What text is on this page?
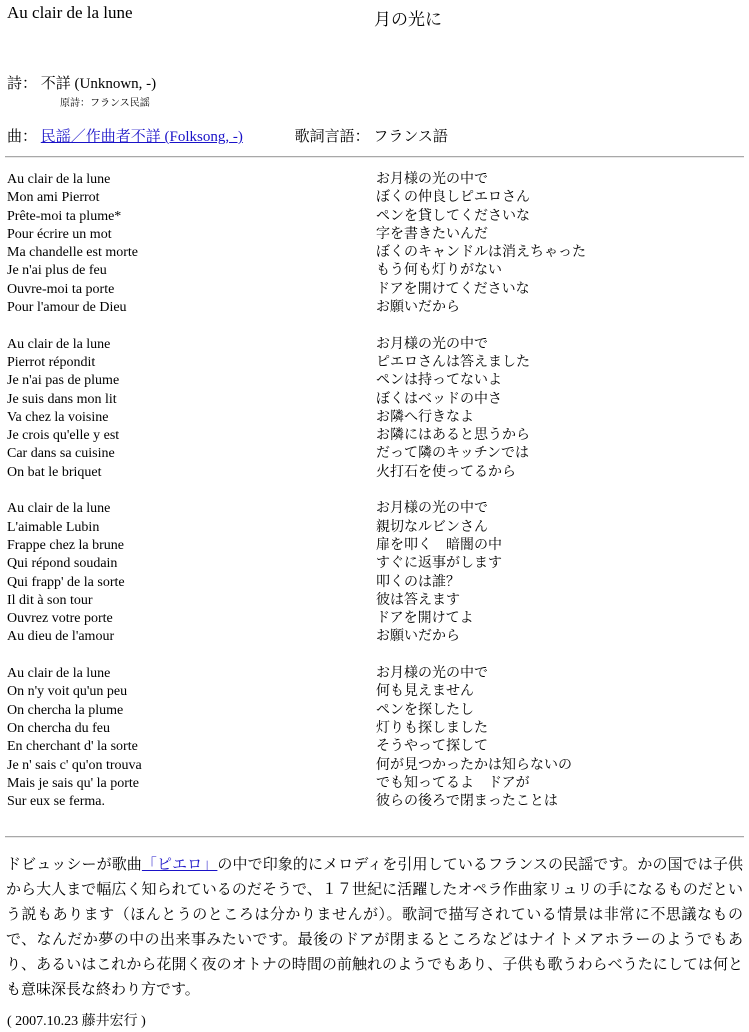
Au clair de la lune	月の光に
詩： 不詳 (Unknown, -)
原詩：フランス民謡
曲： 民謡／作曲者不詳 (Folksong, -)	歌詞言語： フランス語
Au clair de la lune
Mon ami Pierrot
Prête-moi ta plume*
Pour écrire un mot
Ma chandelle est morte
Je n'ai plus de feu
Ouvre-moi ta porte
Pour l'amour de Dieu
Au clair de la lune
Pierrot répondit
Je n'ai pas de plume
Je suis dans mon lit
Va chez la voisine
Je crois qu'elle y est
Car dans sa cuisine
On bat le briquet
Au clair de la lune
L'aimable Lubin
Frappe chez la brune
Qui répond soudain
Qui frapp' de la sorte
Il dit à son tour
Ouvrez votre porte
Au dieu de l'amour
Au clair de la lune
On n'y voit qu'un peu
On chercha la plume
On chercha du feu
En cherchant d' la sorte
Je n' sais c' qu'on trouva
Mais je sais qu' la porte
Sur eux se ferma.
お月様の光の中で
ぼくの仲良しピエロさん
ペンを貸してくださいな
字を書きたいんだ
ぼくのキャンドルは消えちゃった
もう何も灯りがない
ドアを開けてくださいな
お願いだから
お月様の光の中で
ピエロさんは答えました
ペンは持ってないよ
ぼくはベッドの中さ
お隣へ行きなよ
お隣にはあると思うから
だって隣のキッチンでは
火打石を使ってるから
お月様の光の中で
親切なルビンさん
扉を叩く　暗闇の中
すぐに返事がします
叩くのは誰？
彼は答えます
ドアを開けてよ
お願いだから
お月様の光の中で
何も見えません
ペンを探したし
灯りも探しました
そうやって探して
何が見つかったかは知らないの
でも知ってるよ　ドアが
彼らの後ろで閉まったことは
ドビュッシーが歌曲「ピエロ」の中で印象的にメロディを引用しているフランスの民謡です。かの国では子供から大人まで幅広く知られているのだそうで、１７世紀に活躍したオペラ作曲家リュリの手になるものだという説もあります（ほんとうのところは分かりませんが）。歌詞で描写されている情景は非常に不思議なもので、なんだか夢の中の出来事みたいです。最後のドアが閉まるところなどはナイトメアホラーのようでもあり、あるいはこれから花開く夜のオトナの時間の前触れのようでもあり、子供も歌うわらべうたにしては何とも意味深長な終わり方です。
( 2007.10.23 藤井宏行 )
